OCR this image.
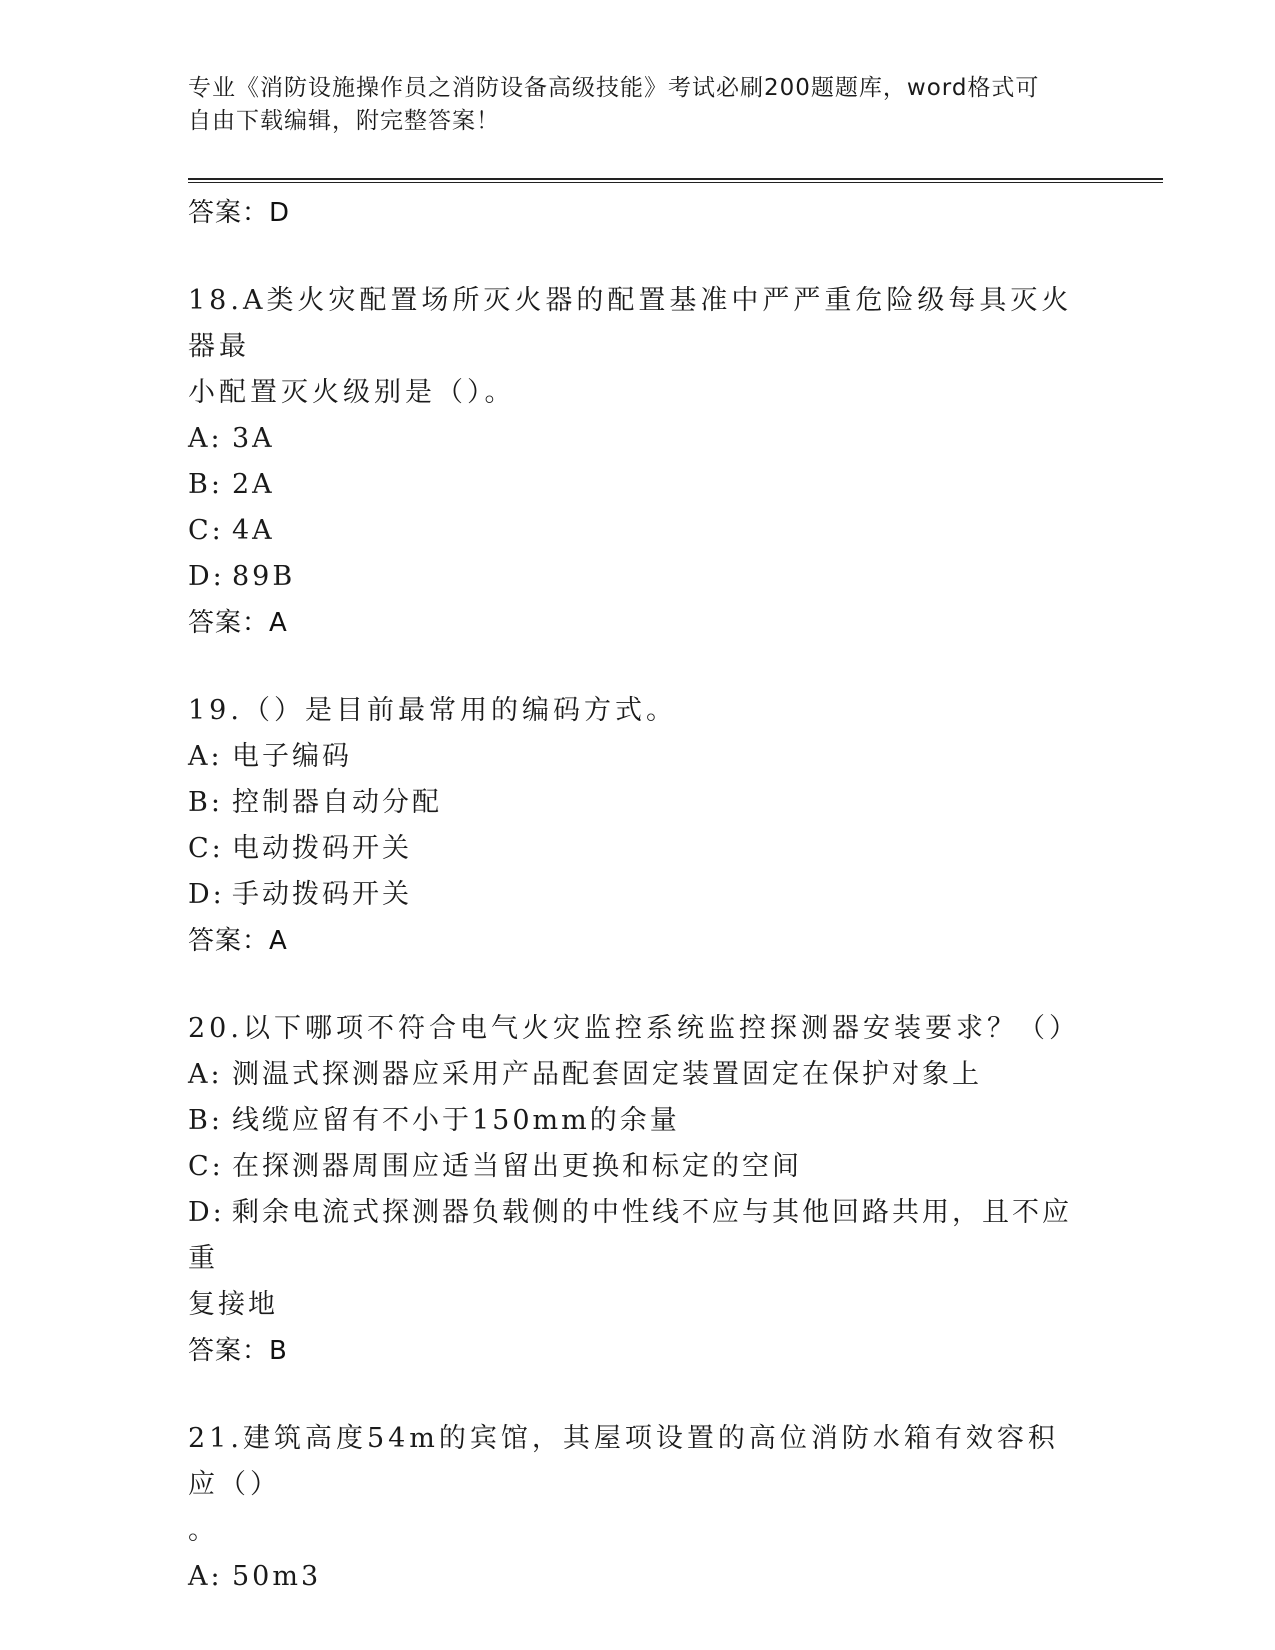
专业《消防设施操作员之消防设备高级技能》考试必刷200题题库，word格式可
自由下载编辑，附完整答案！
答案：D
18.A类火灾配置场所灭火器的配置基准中严严重危险级每具灭火器最
小配置灭火级别是（）。
A: 3A
B: 2A
C: 4A
D: 89B
答案：A
19.（）是目前最常用的编码方式。
A: 电子编码
B: 控制器自动分配
C: 电动拨码开关
D: 手动拨码开关
答案：A
20.以下哪项不符合电气火灾监控系统监控探测器安装要求？（）
A: 测温式探测器应采用产品配套固定装置固定在保护对象上
B: 线缆应留有不小于150mm的余量
C: 在探测器周围应适当留出更换和标定的空间
D: 剩余电流式探测器负载侧的中性线不应与其他回路共用，且不应重
复接地
答案：B
21.建筑高度54m的宾馆，其屋项设置的高位消防水箱有效容积应（）
。
A: 50m3
